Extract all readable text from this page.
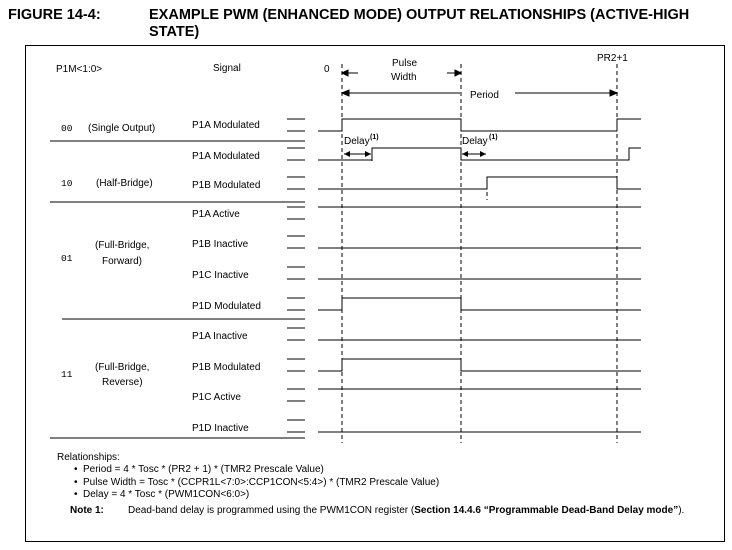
FIGURE 14-4:	EXAMPLE PWM (ENHANCED MODE) OUTPUT RELATIONSHIPS (ACTIVE-HIGH STATE)
P1M<1:0>	Signal	0
Pulse
Width
PR2+1
Period
00 (Single Output)
10 (Half-Bridge)
01
(Full-Bridge,
Forward)
11
(Full-Bridge,
Reverse)
P1A Modulated
P1A Modulated
P1B Modulated
P1A Active
P1B Inactive
P1C Inactive
P1D Modulated
P1A Inactive
P1B Modulated
P1C Active
P1D Inactive
Delay (1)	Delay (1)
Relationships:
• Period = 4 * Tosc * (PR2 + 1) * (TMR2 Prescale Value)
• Pulse Width = Tosc * (CCPR1L<7:0>:CCP1CON<5:4>) * (TMR2 Prescale Value)
• Delay = 4 * Tosc * (PWM1CON<6:0>)
Note 1: Dead-band delay is programmed using the PWM1CON register (Section 14.4.6 “Programmable Dead-Band Delay mode”).
